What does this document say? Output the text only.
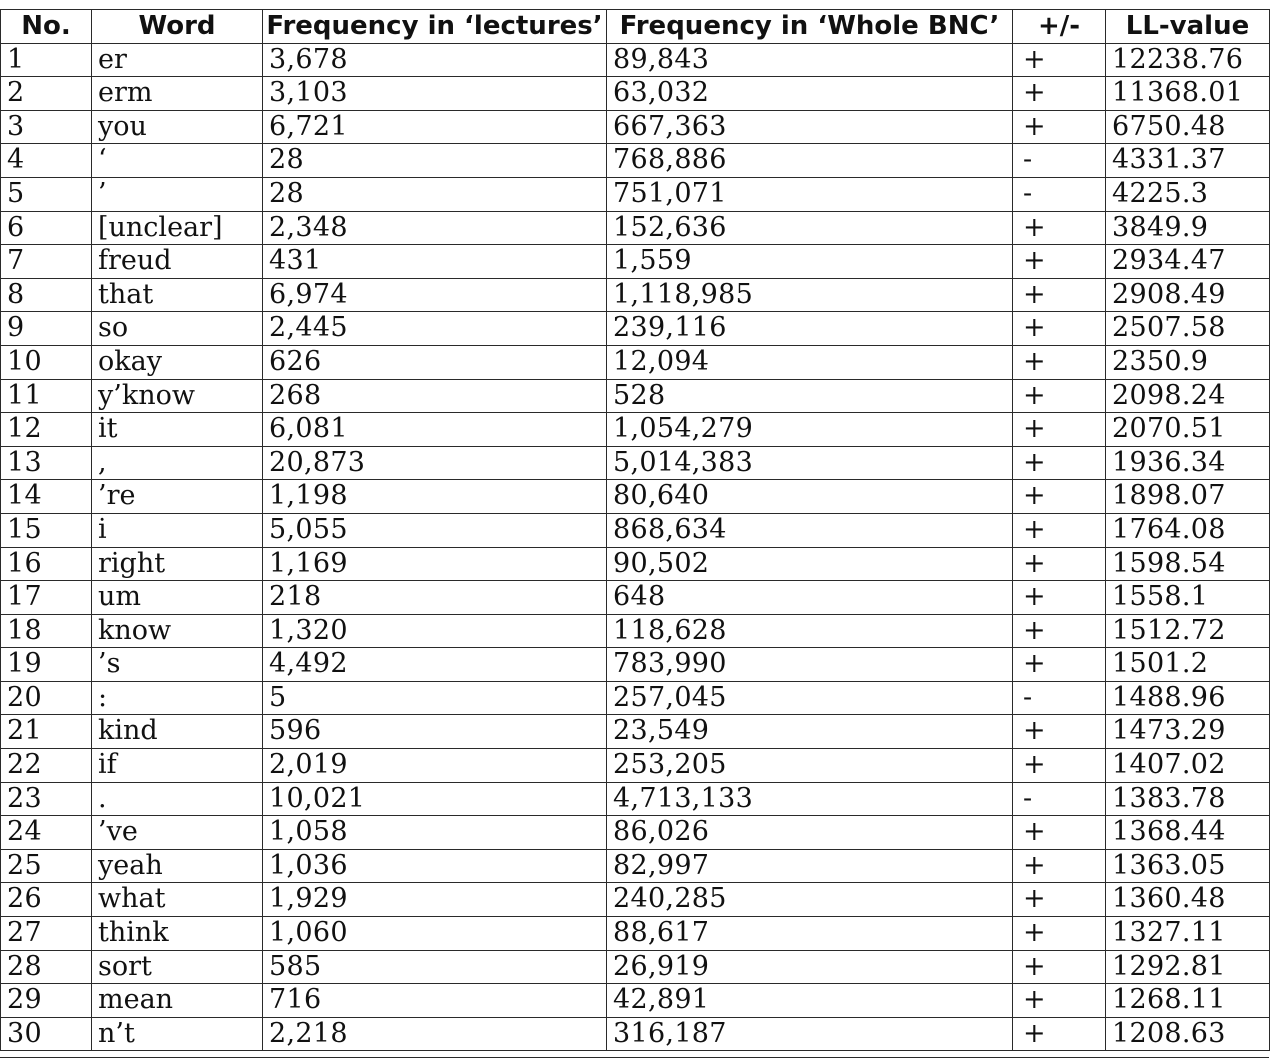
No.	Word	Frequency in ‘lectures’	Frequency in ‘Whole BNC’	+/-	LL-value
1	er	3,678	89,843	+	12238.76
2	erm	3,103	63,032	+	11368.01
3	you	6,721	667,363	+	6750.48
4	‘	28	768,886	-	4331.37
5	’	28	751,071	-	4225.3
6	[unclear]	2,348	152,636	+	3849.9
7	freud	431	1,559	+	2934.47
8	that	6,974	1,118,985	+	2908.49
9	so	2,445	239,116	+	2507.58
10	okay	626	12,094	+	2350.9
11	y’know	268	528	+	2098.24
12	it	6,081	1,054,279	+	2070.51
13	,	20,873	5,014,383	+	1936.34
14	’re	1,198	80,640	+	1898.07
15	i	5,055	868,634	+	1764.08
16	right	1,169	90,502	+	1598.54
17	um	218	648	+	1558.1
18	know	1,320	118,628	+	1512.72
19	’s	4,492	783,990	+	1501.2
20	:	5	257,045	-	1488.96
21	kind	596	23,549	+	1473.29
22	if	2,019	253,205	+	1407.02
23	.	10,021	4,713,133	-	1383.78
24	’ve	1,058	86,026	+	1368.44
25	yeah	1,036	82,997	+	1363.05
26	what	1,929	240,285	+	1360.48
27	think	1,060	88,617	+	1327.11
28	sort	585	26,919	+	1292.81
29	mean	716	42,891	+	1268.11
30	n’t	2,218	316,187	+	1208.63
